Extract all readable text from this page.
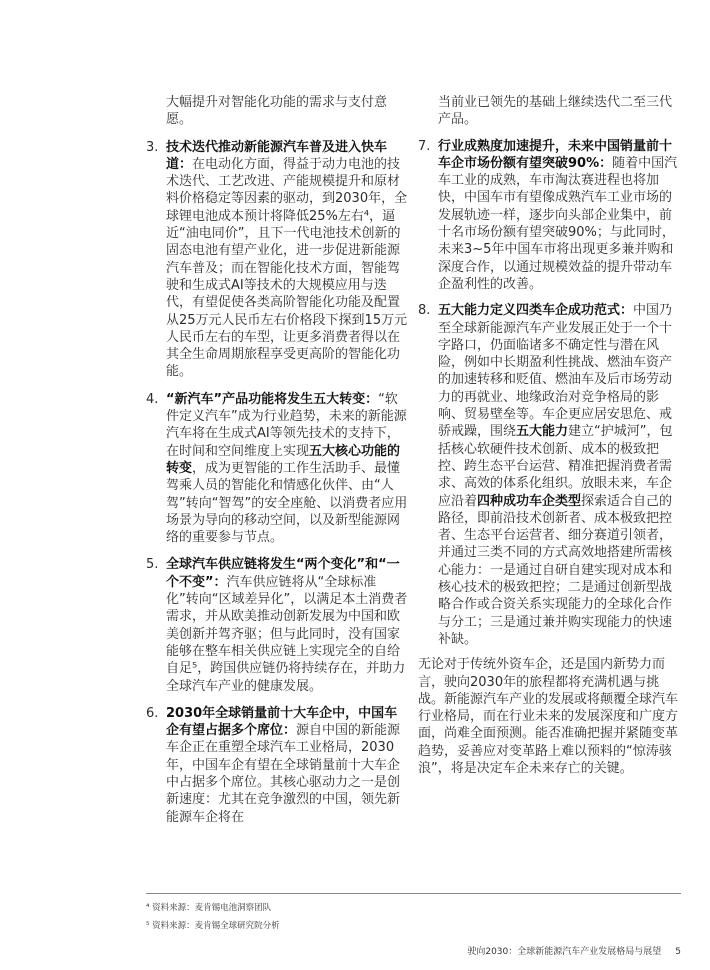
大幅提升对智能化功能的需求与支付意愿。

3. 技术迭代推动新能源汽车普及进入快车道：在电动化方面，得益于动力电池的技术迭代、工艺改进、产能规模提升和原材料价格稳定等因素的驱动，到2030年，全球锂电池成本预计将降低25%左右⁴，逼近“油电同价”，且下一代电池技术创新的固态电池有望产业化，进一步促进新能源汽车普及；而在智能化技术方面，智能驾驶和生成式AI等技术的大规模应用与迭代，有望促使各类高阶智能化功能及配置从25万元人民币左右价格段下探到15万元人民币左右的车型，让更多消费者得以在其全生命周期旅程享受更高阶的智能化功能。
4. “新汽车”产品功能将发生五大转变：“软件定义汽车”成为行业趋势，未来的新能源汽车将在生成式AI等领先技术的支持下，在时间和空间维度上实现五大核心功能的转变，成为更智能的工作生活助手、最懂驾乘人员的智能化和情感化伙伴、由“人驾”转向“智驾”的安全座舱、以消费者应用场景为导向的移动空间，以及新型能源网络的重要参与节点。
5. 全球汽车供应链将发生“两个变化”和“一个不变”：汽车供应链将从“全球标准化”转向“区域差异化”，以满足本土消费者需求，并从欧美推动创新发展为中国和欧美创新并驾齐驱；但与此同时，没有国家能够在整车相关供应链上实现完全的自给自足⁵，跨国供应链仍将持续存在，并助力全球汽车产业的健康发展。
6. 2030年全球销量前十大车企中，中国车企有望占据多个席位：源自中国的新能源车企正在重塑全球汽车工业格局，2030年，中国车企有望在全球销量前十大车企中占据多个席位。其核心驱动力之一是创新速度：尤其在竞争激烈的中国，领先新能源车企将在

当前业已领先的基础上继续迭代二至三代产品。

7. 行业成熟度加速提升，未来中国销量前十车企市场份额有望突破90%：随着中国汽车工业的成熟，车市淘汰赛进程也将加快，中国车市有望像成熟汽车工业市场的发展轨迹一样，逐步向头部企业集中，前十名市场份额有望突破90%；与此同时，未来3~5年中国车市将出现更多兼并购和深度合作，以通过规模效益的提升带动车企盈利性的改善。
8. 五大能力定义四类车企成功范式：中国乃至全球新能源汽车产业发展正处于一个十字路口，仍面临诸多不确定性与潜在风险，例如中长期盈利性挑战、燃油车资产的加速转移和贬值、燃油车及后市场劳动力的再就业、地缘政治对竞争格局的影响、贸易壁垒等。车企更应居安思危、戒骄戒躁，围绕五大能力建立“护城河”，包括核心软硬件技术创新、成本的极致把控、跨生态平台运营、精准把握消费者需求、高效的体系化组织。放眼未来，车企应沿着四种成功车企类型探索适合自己的路径，即前沿技术创新者、成本极致把控者、生态平台运营者、细分赛道引领者，并通过三类不同的方式高效地搭建所需核心能力：一是通过自研自建实现对成本和核心技术的极致把控；二是通过创新型战略合作或合资关系实现能力的全球化合作与分工；三是通过兼并购实现能力的快速补缺。

无论对于传统外资车企，还是国内新势力而言，驶向2030年的旅程都将充满机遇与挑战。新能源汽车产业的发展或将颠覆全球汽车行业格局，而在行业未来的发展深度和广度方面，尚难全面预测。能否准确把握并紧随变革趋势，妥善应对变革路上难以预料的“惊涛骇浪”，将是决定车企未来存亡的关键。

⁴ 资料来源：麦肯锡电池洞察团队
⁵ 资料来源：麦肯锡全球研究院分析
驶向2030：全球新能源汽车产业发展格局与展望 5
